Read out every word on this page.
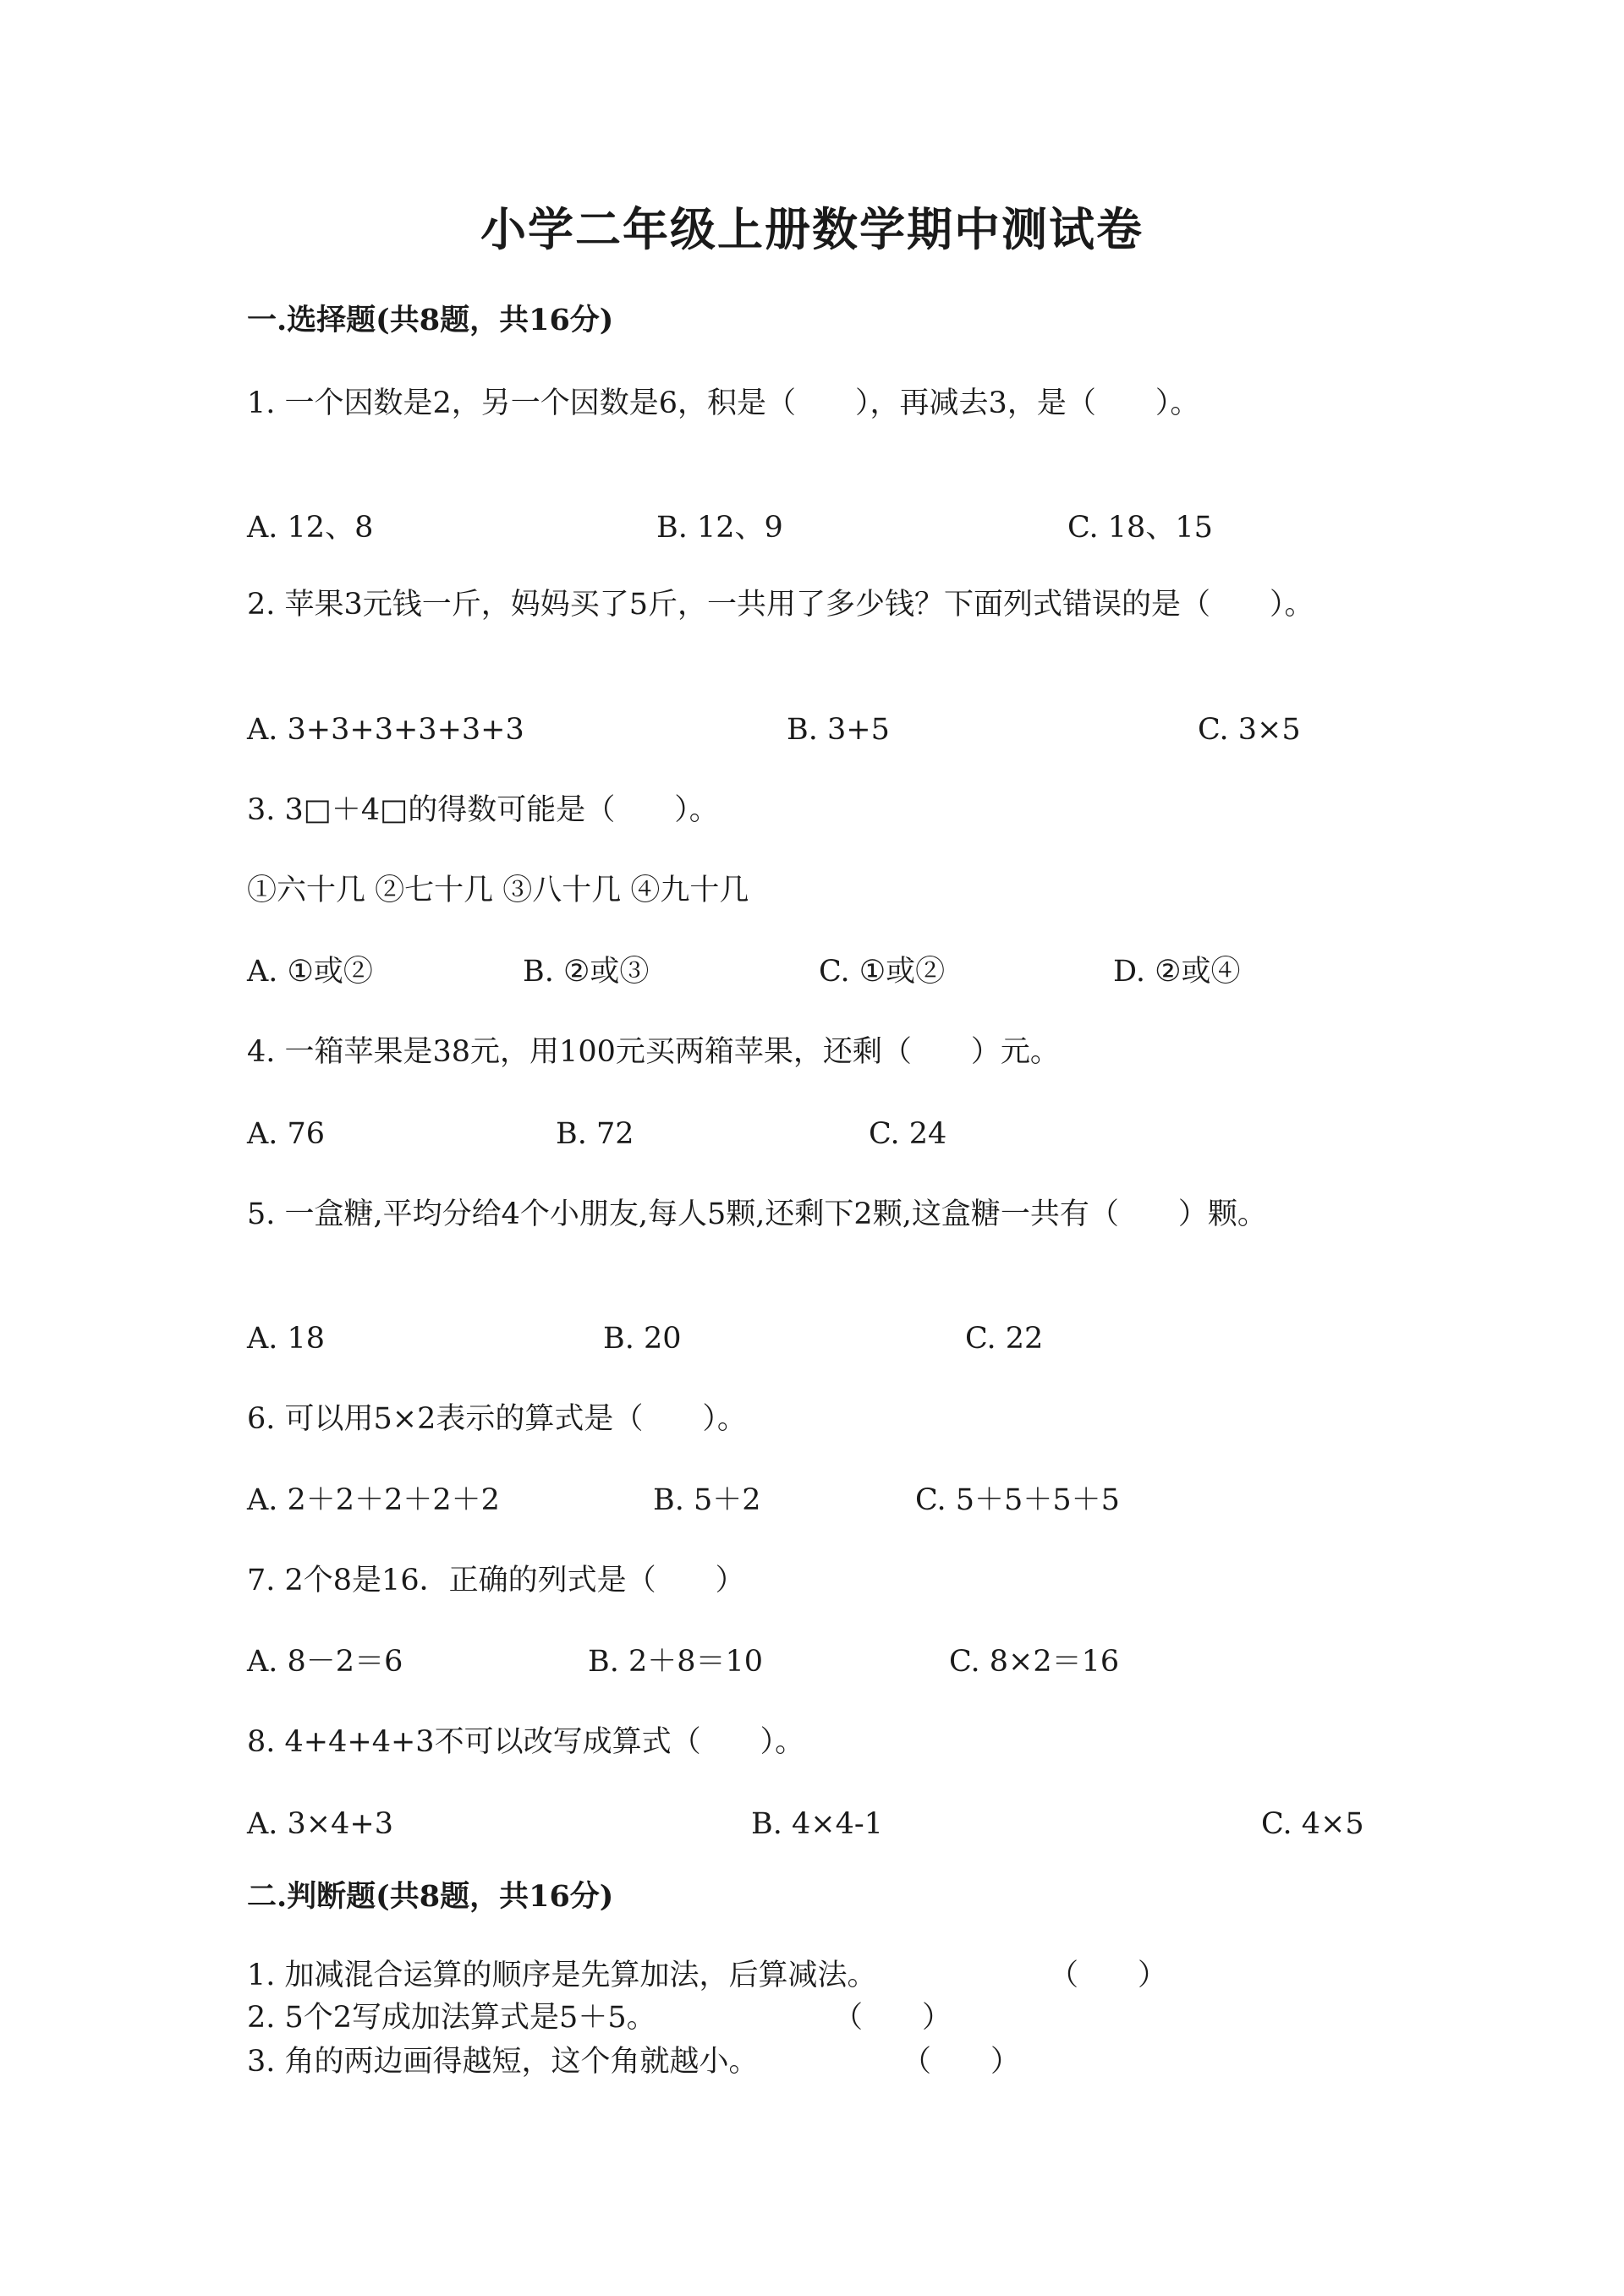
小学二年级上册数学期中测试卷
一.选择题(共8题，共16分)
1. 一个因数是2，另一个因数是6，积是（　　），再减去3，是（　　）。
A. 12、8	B. 12、9	C. 18、15
2. 苹果3元钱一斤，妈妈买了5斤，一共用了多少钱？下面列式错误的是（　　）。
A. 3+3+3+3+3+3	B. 3+5	C. 3×5
3. 3□＋4□的得数可能是（　　）。
①六十几 ②七十几 ③八十几 ④九十几
A. ①或②	B. ②或③	C. ①或②	D. ②或④
4. 一箱苹果是38元，用100元买两箱苹果，还剩（　　）元。
A. 76	B. 72	C. 24
5. 一盒糖,平均分给4个小朋友,每人5颗,还剩下2颗,这盒糖一共有（　　）颗。
A. 18	B. 20	C. 22
6. 可以用5×2表示的算式是（　　）。
A. 2＋2＋2＋2＋2	B. 5＋2	C. 5＋5＋5＋5
7. 2个8是16．正确的列式是（　　）
A. 8－2＝6	B. 2＋8＝10	C. 8×2＝16
8. 4+4+4+3不可以改写成算式（　　）。
A. 3×4+3	B. 4×4-1	C. 4×5
二.判断题(共8题，共16分)
1. 加减混合运算的顺序是先算加法，后算减法。	（　　）
2. 5个2写成加法算式是5＋5。	（　　）
3. 角的两边画得越短，这个角就越小。	（　　）
